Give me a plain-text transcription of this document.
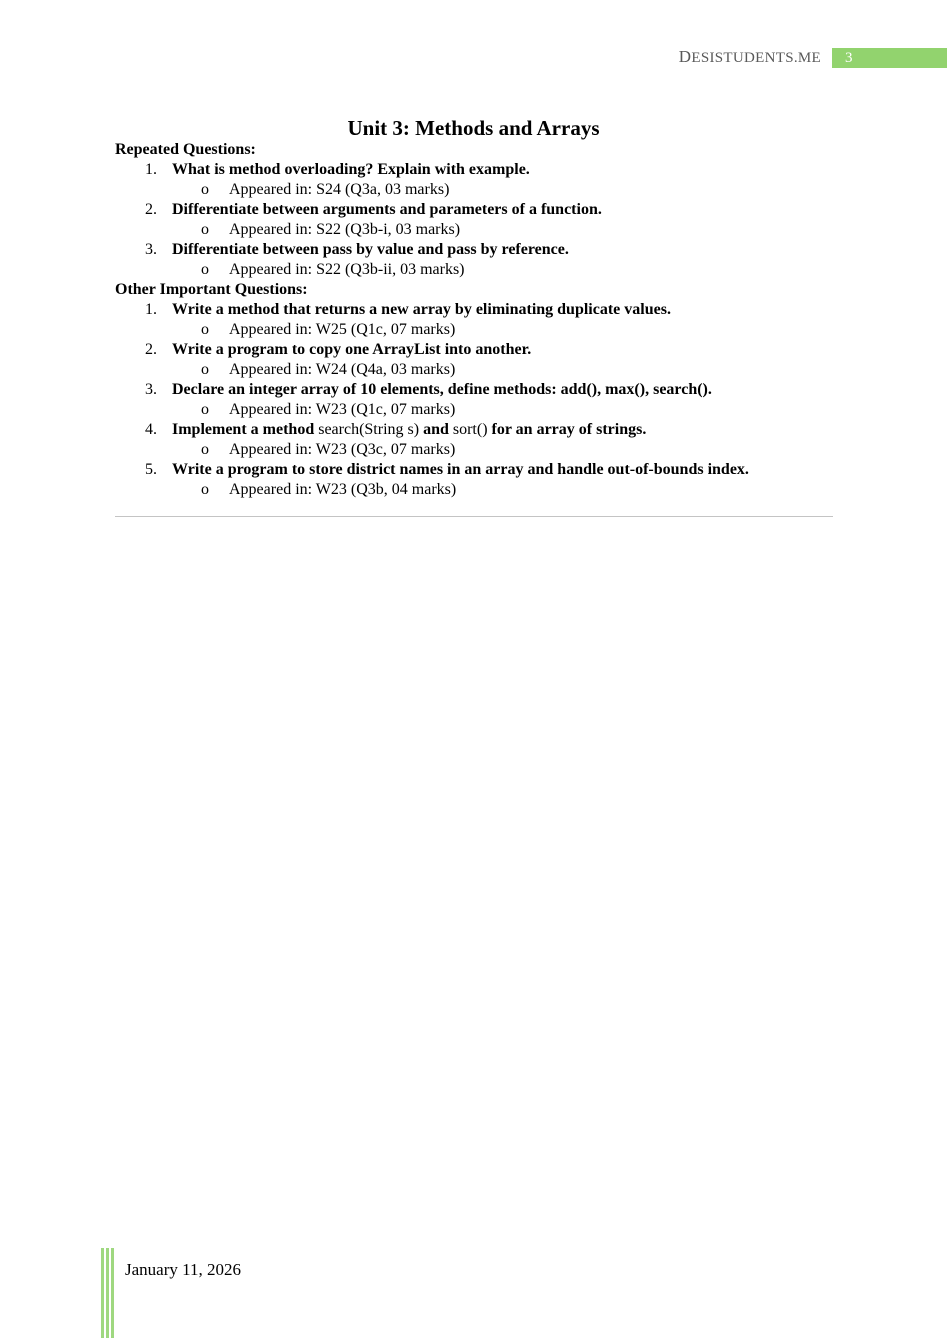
DESISTUDENTS.ME	3
Unit 3: Methods and Arrays
Repeated Questions:
1. What is method overloading? Explain with example.
o Appeared in: S24 (Q3a, 03 marks)
2. Differentiate between arguments and parameters of a function.
o Appeared in: S22 (Q3b-i, 03 marks)
3. Differentiate between pass by value and pass by reference.
o Appeared in: S22 (Q3b-ii, 03 marks)
Other Important Questions:
1. Write a method that returns a new array by eliminating duplicate values.
o Appeared in: W25 (Q1c, 07 marks)
2. Write a program to copy one ArrayList into another.
o Appeared in: W24 (Q4a, 03 marks)
3. Declare an integer array of 10 elements, define methods: add(), max(), search().
o Appeared in: W23 (Q1c, 07 marks)
4. Implement a method search(String s) and sort() for an array of strings.
o Appeared in: W23 (Q3c, 07 marks)
5. Write a program to store district names in an array and handle out-of-bounds index.
o Appeared in: W23 (Q3b, 04 marks)
January 11, 2026
